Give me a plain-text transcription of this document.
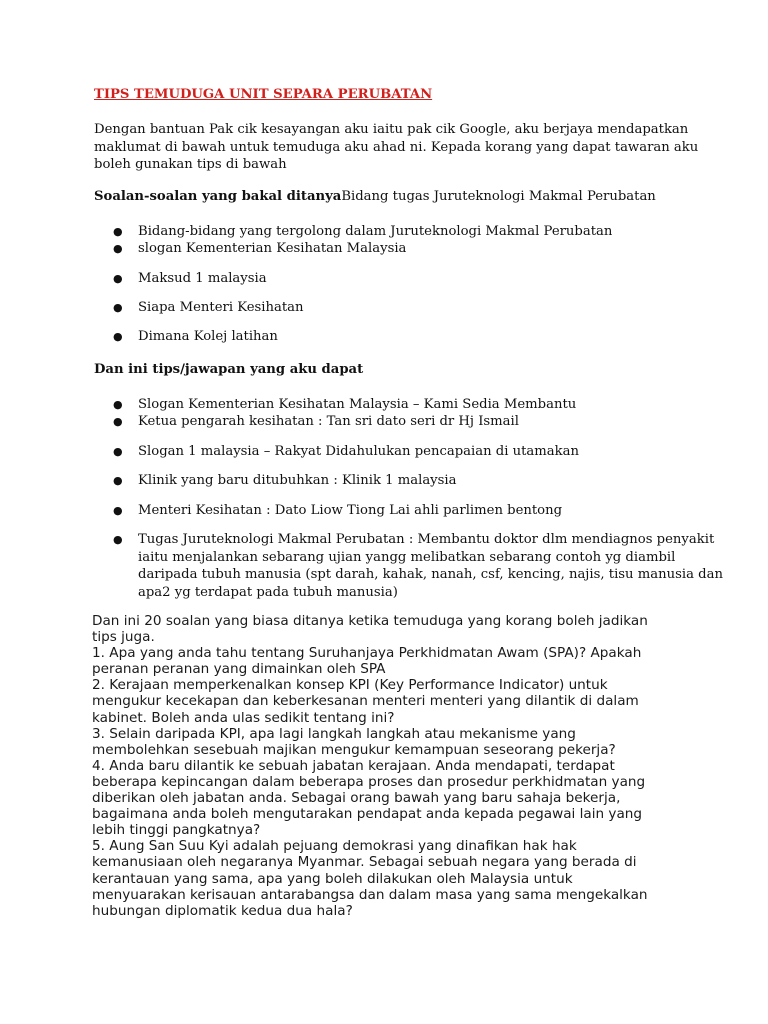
TIPS TEMUDUGA UNIT SEPARA PERUBATAN

Dengan bantuan Pak cik kesayangan aku iaitu pak cik Google, aku berjaya mendapatkan
maklumat di bawah untuk temuduga aku ahad ni. Kepada korang yang dapat tawaran aku
boleh gunakan tips di bawah

Soalan-soalan yang bakal ditanyaBidang tugas Juruteknologi Makmal Perubatan

● Bidang-bidang yang tergolong dalam Juruteknologi Makmal Perubatan
● slogan Kementerian Kesihatan Malaysia
● Maksud 1 malaysia
● Siapa Menteri Kesihatan
● Dimana Kolej latihan

Dan ini tips/jawapan yang aku dapat

● Slogan Kementerian Kesihatan Malaysia – Kami Sedia Membantu
● Ketua pengarah kesihatan : Tan sri dato seri dr Hj Ismail
● Slogan 1 malaysia – Rakyat Didahulukan pencapaian di utamakan
● Klinik yang baru ditubuhkan : Klinik 1 malaysia
● Menteri Kesihatan : Dato Liow Tiong Lai ahli parlimen bentong
● Tugas Juruteknologi Makmal Perubatan : Membantu doktor dlm mendiagnos penyakit
iaitu menjalankan sebarang ujian yangg melibatkan sebarang contoh yg diambil
daripada tubuh manusia (spt darah, kahak, nanah, csf, kencing, najis, tisu manusia dan
apa2 yg terdapat pada tubuh manusia)

Dan ini 20 soalan yang biasa ditanya ketika temuduga yang korang boleh jadikan
tips juga.
1. Apa yang anda tahu tentang Suruhanjaya Perkhidmatan Awam (SPA)? Apakah
peranan peranan yang dimainkan oleh SPA
2. Kerajaan memperkenalkan konsep KPI (Key Performance Indicator) untuk
mengukur kecekapan dan keberkesanan menteri menteri yang dilantik di dalam
kabinet. Boleh anda ulas sedikit tentang ini?
3. Selain daripada KPI, apa lagi langkah langkah atau mekanisme yang
membolehkan sesebuah majikan mengukur kemampuan seseorang pekerja?
4. Anda baru dilantik ke sebuah jabatan kerajaan. Anda mendapati, terdapat
beberapa kepincangan dalam beberapa proses dan prosedur perkhidmatan yang
diberikan oleh jabatan anda. Sebagai orang bawah yang baru sahaja bekerja,
bagaimana anda boleh mengutarakan pendapat anda kepada pegawai lain yang
lebih tinggi pangkatnya?
5. Aung San Suu Kyi adalah pejuang demokrasi yang dinafikan hak hak
kemanusiaan oleh negaranya Myanmar. Sebagai sebuah negara yang berada di
kerantauan yang sama, apa yang boleh dilakukan oleh Malaysia untuk
menyuarakan kerisauan antarabangsa dan dalam masa yang sama mengekalkan
hubungan diplomatik kedua dua hala?
